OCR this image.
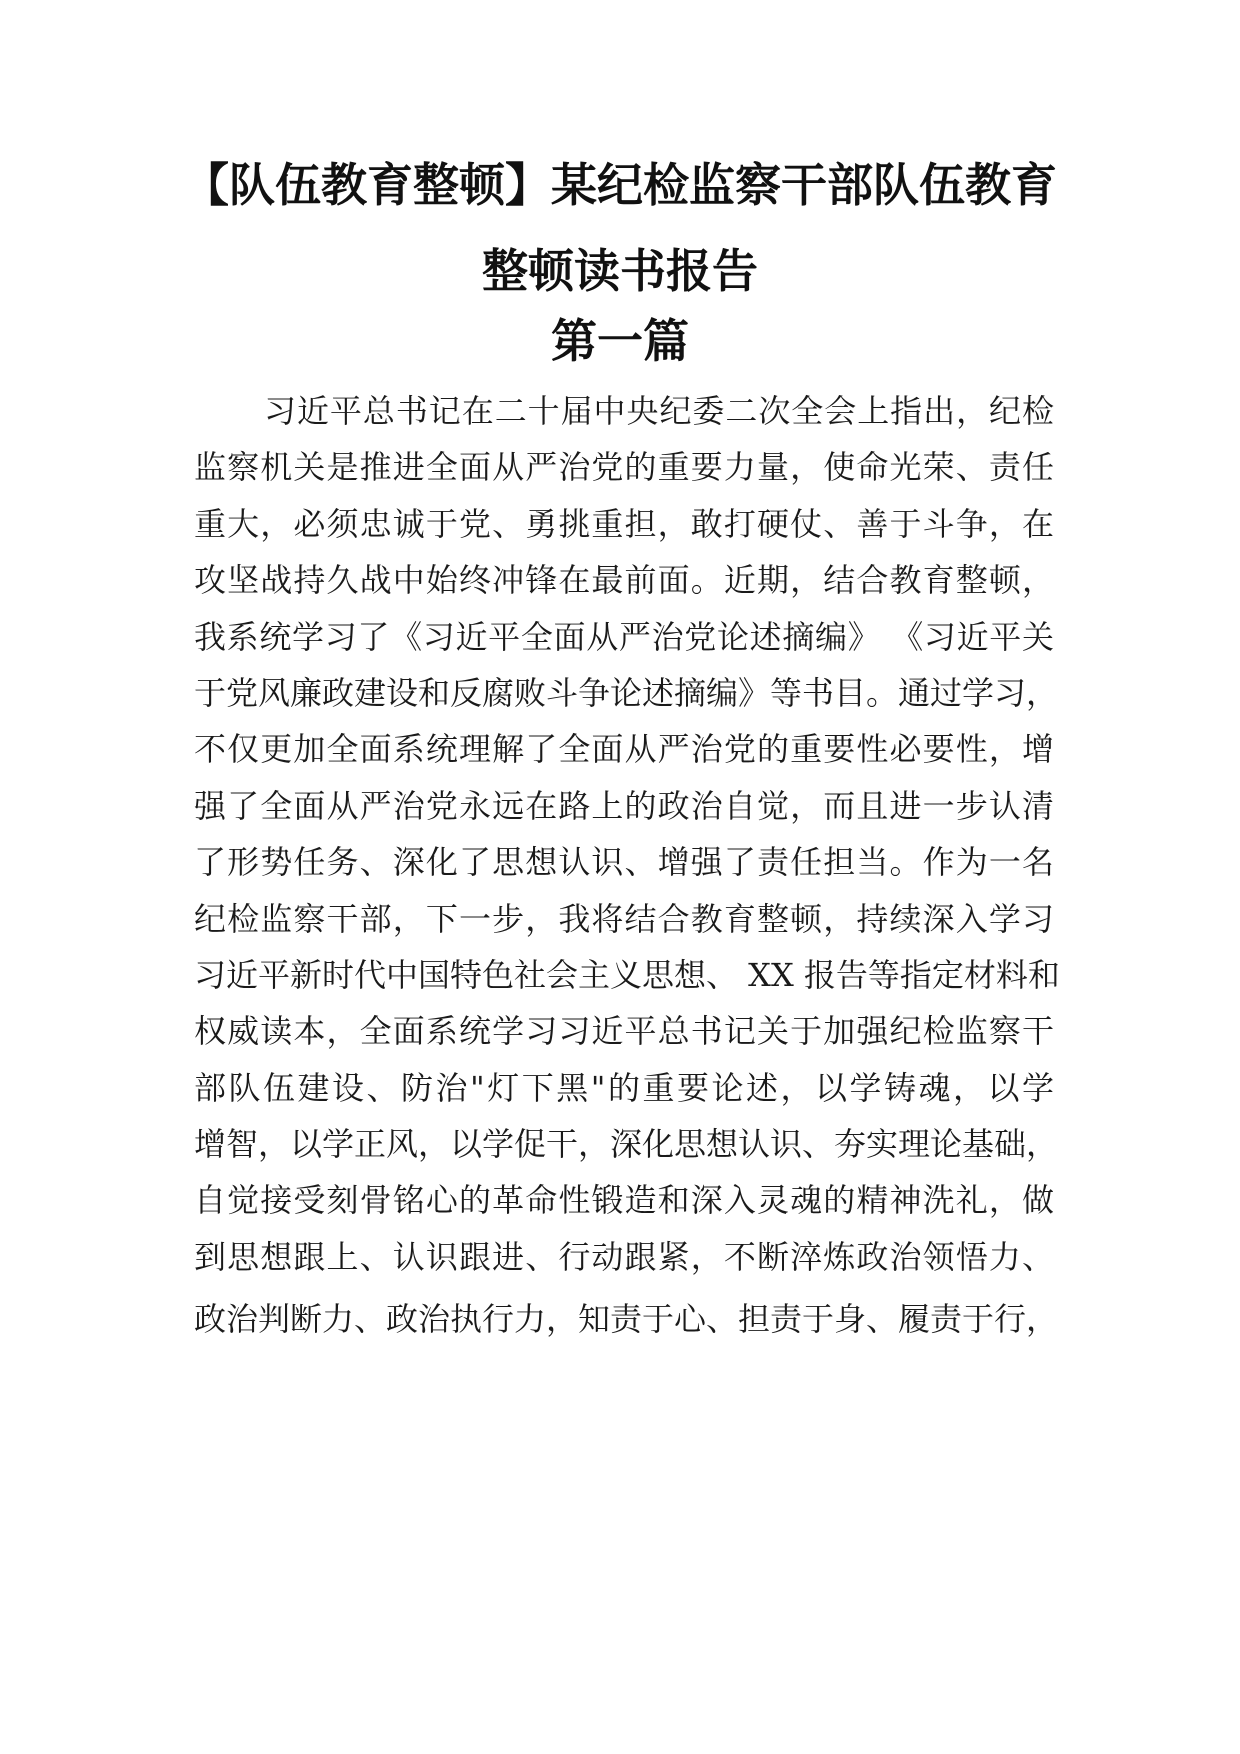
【队伍教育整顿】某纪检监察干部队伍教育
整顿读书报告
第一篇
习近平总书记在二十届中央纪委二次全会上指出，纪检
监察机关是推进全面从严治党的重要力量，使命光荣、责任
重大，必须忠诚于党、勇挑重担，敢打硬仗、善于斗争，在
攻坚战持久战中始终冲锋在最前面。近期，结合教育整顿，
我系统学习了《习近平全面从严治党论述摘编》 《习近平关
于党风廉政建设和反腐败斗争论述摘编》等书目。通过学习，
不仅更加全面系统理解了全面从严治党的重要性必要性，增
强了全面从严治党永远在路上的政治自觉，而且进一步认清
了形势任务、深化了思想认识、增强了责任担当。作为一名
纪检监察干部，下一步，我将结合教育整顿，持续深入学习
习近平新时代中国特色社会主义思想、 XX 报告等指定材料和
权威读本，全面系统学习习近平总书记关于加强纪检监察干
部队伍建设、防治"灯下黑"的重要论述，以学铸魂，以学
增智，以学正风，以学促干，深化思想认识、夯实理论基础，
自觉接受刻骨铭心的革命性锻造和深入灵魂的精神洗礼，做
到思想跟上、认识跟进、行动跟紧，不断淬炼政治领悟力、
政治判断力、政治执行力，知责于心、担责于身、履责于行，
